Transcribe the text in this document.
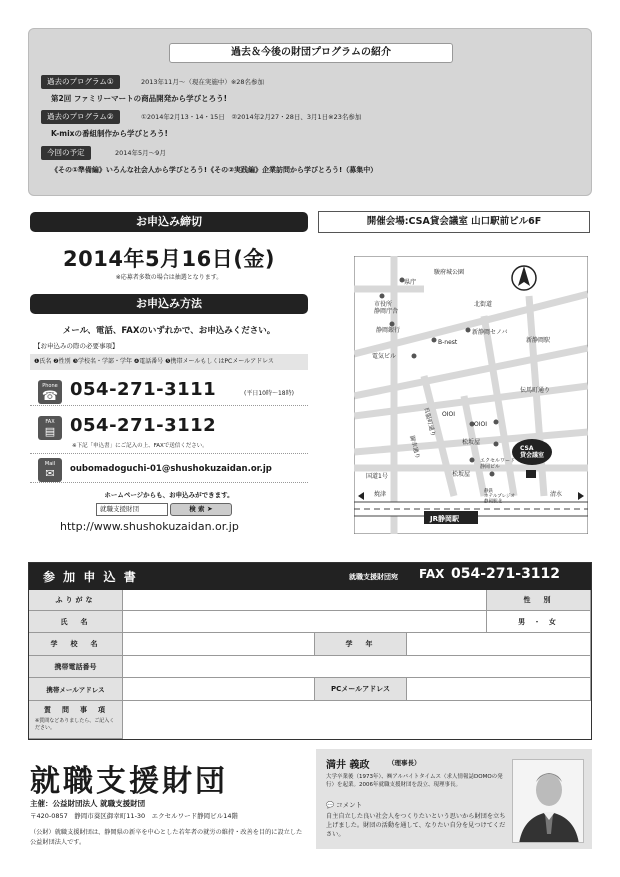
過去＆今後の財団プログラムの紹介
過去のプログラム①	2013年11月～（現在実施中）※28名参加
第2回 ファミリーマートの商品開発から学びとろう!
過去のプログラム②	①2014年2月13・14・15日　②2014年2月27・28日、3月1日※23名参加
K-mixの番組制作から学びとろう!
今回の予定	2014年5月～9月
《その①準備編》いろんな社会人から学びとろう!《その②実践編》企業訪問から学びとろう!（募集中）
お申込み締切
2014年5月16日(金)
※応募者多数の場合は抽選となります。
お申込み方法
メール、電話、FAXのいずれかで、お申込みください。
【お申込みの際の必要事項】
❶氏名 ❷性別 ❸学校名・学部・学年 ❹電話番号 ❺携帯メールもしくはPCメールアドレス
Phone
☎ 054-271-3111	(平日10時～18時)
FAX
▤ 054-271-3112
※下記「申込書」にご記入の上、FAXで送信ください。
Mail
✉	oubomadoguchi-01@shushokuzaidan.or.jp
ホームページからも、お申込みができます。
就職支援財団	検 索 ➤
http://www.shushokuzaidan.or.jp
開催会場:CSA貸会議室 山口駅前ビル6F
県庁
駿府城公園
市役所静岡庁舎
北街道
静岡銀行	新静岡セノバ
新静岡駅
電気ビル
B-nest
呉服町通り
伝馬町通り
OIOI
OIOI
松坂屋
松坂屋
御幸通り
国道1号
エクセルワード静岡ビル
静鉄ホテルプレジオ静岡駅北
焼津	清水
CSA 貸会議室
JR静岡駅
参 加 申 込 書	就職支援財団宛 FAX 054-271-3112
ふりがな	性　別
氏　名	男 ・ 女
学　校　名	学　年
携帯電話番号
携帯メールアドレス	PCメールアドレス
質　問　事　項
※質問などありましたら、ご記入ください。
就職支援財団
主催：公益財団法人 就職支援財団
〒420-0857　静岡市葵区御幸町11-30　エクセルワード静岡ビル14階
（公財）就職支援財団は、静岡県の新卒を中心とした若年者の就労の維持・改善を目的に設立した公益財団法人です。
満井 義政	（理事長）
大学卒業後（1973年）、㈱アルバイトタイムス（求人情報誌DOMOの発行）を起業。2006年就職支援財団を設立、現理事長。
💬 コメント
自主自立した良い社会人をつくりたいという思いから財団を立ち上げました。財団の活動を通して、なりたい自分を見つけてください。
